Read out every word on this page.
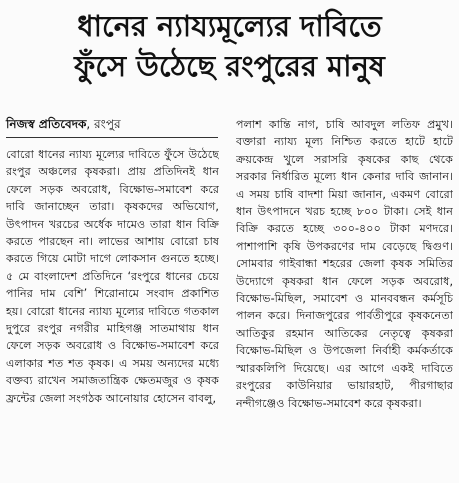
ধানের ন্যায্যমূল্যের দাবিতে
ফুঁসে উঠেছে রংপুরের মানুষ
নিজস্ব প্রতিবেদক, রংপুর

বোরো ধানের ন্যায্য মূল্যের দাবিতে ফুঁসে উঠেছে রংপুর অঞ্চলের কৃষকরা। প্রায় প্রতিদিনই ধান ফেলে সড়ক অবরোধ, বিক্ষোভ-সমাবেশ করে দাবি জানাচ্ছেন তারা। কৃষকদের অভিযোগ, উৎপাদন খরচের অর্ধেক দামেও তারা ধান বিক্রি করতে পারছেন না। লাভের আশায় বোরো চাষ করতে গিয়ে মোটা দাগে লোকসান গুনতে হচ্ছে। ৫ মে বাংলাদেশ প্রতিদিনে ‘রংপুরে ধানের চেয়ে পানির দাম বেশি’ শিরোনামে সংবাদ প্রকাশিত হয়। বোরো ধানের ন্যায্য মূল্যের দাবিতে গতকাল দুপুরে রংপুর নগরীর মাহিগঞ্জ সাতমাথায় ধান ফেলে সড়ক অবরোধ ও বিক্ষোভ-সমাবেশ করে এলাকার শত শত কৃষক। এ সময় অন্যদের মধ্যে বক্তব্য রাখেন সমাজতান্ত্রিক ক্ষেতমজুর ও কৃষক ফ্রন্টের জেলা সংগঠক আনোয়ার হোসেন বাবলু,

পলাশ কান্তি নাগ, চাষি আবদুল লতিফ প্রমুখ। বক্তারা ন্যায্য মূল্য নিশ্চিত করতে হাটে হাটে ক্রয়কেন্দ্র খুলে সরাসরি কৃষকের কাছ থেকে সরকার নির্ধারিত মূল্যে ধান কেনার দাবি জানান। এ সময় চাষি বাদশা মিয়া জানান, একমণ বোরো ধান উৎপাদনে খরচ হচ্ছে ৮০০ টাকা। সেই ধান বিক্রি করতে হচ্ছে ৩০০-৪০০ টাকা মণদরে। পাশাপাশি কৃষি উপকরণের দাম বেড়েছে দ্বিগুণ। সোমবার গাইবান্ধা শহরের জেলা কৃষক সমিতির উদ্যোগে কৃষকরা ধান ফেলে সড়ক অবরোধ, বিক্ষোভ-মিছিল, সমাবেশ ও মানববন্ধন কর্মসূচি পালন করে। দিনাজপুরের পার্বতীপুরে কৃষকনেতা আতিকুর রহমান আতিকের নেতৃত্বে কৃষকরা বিক্ষোভ-মিছিল ও উপজেলা নির্বাহী কর্মকর্তাকে স্মারকলিপি দিয়েছে। এর আগে একই দাবিতে রংপুরের কাউনিয়ার ভায়ারহাট, পীরগাছার নন্দীগঞ্জেও বিক্ষোভ-সমাবেশ করে কৃষকরা।
